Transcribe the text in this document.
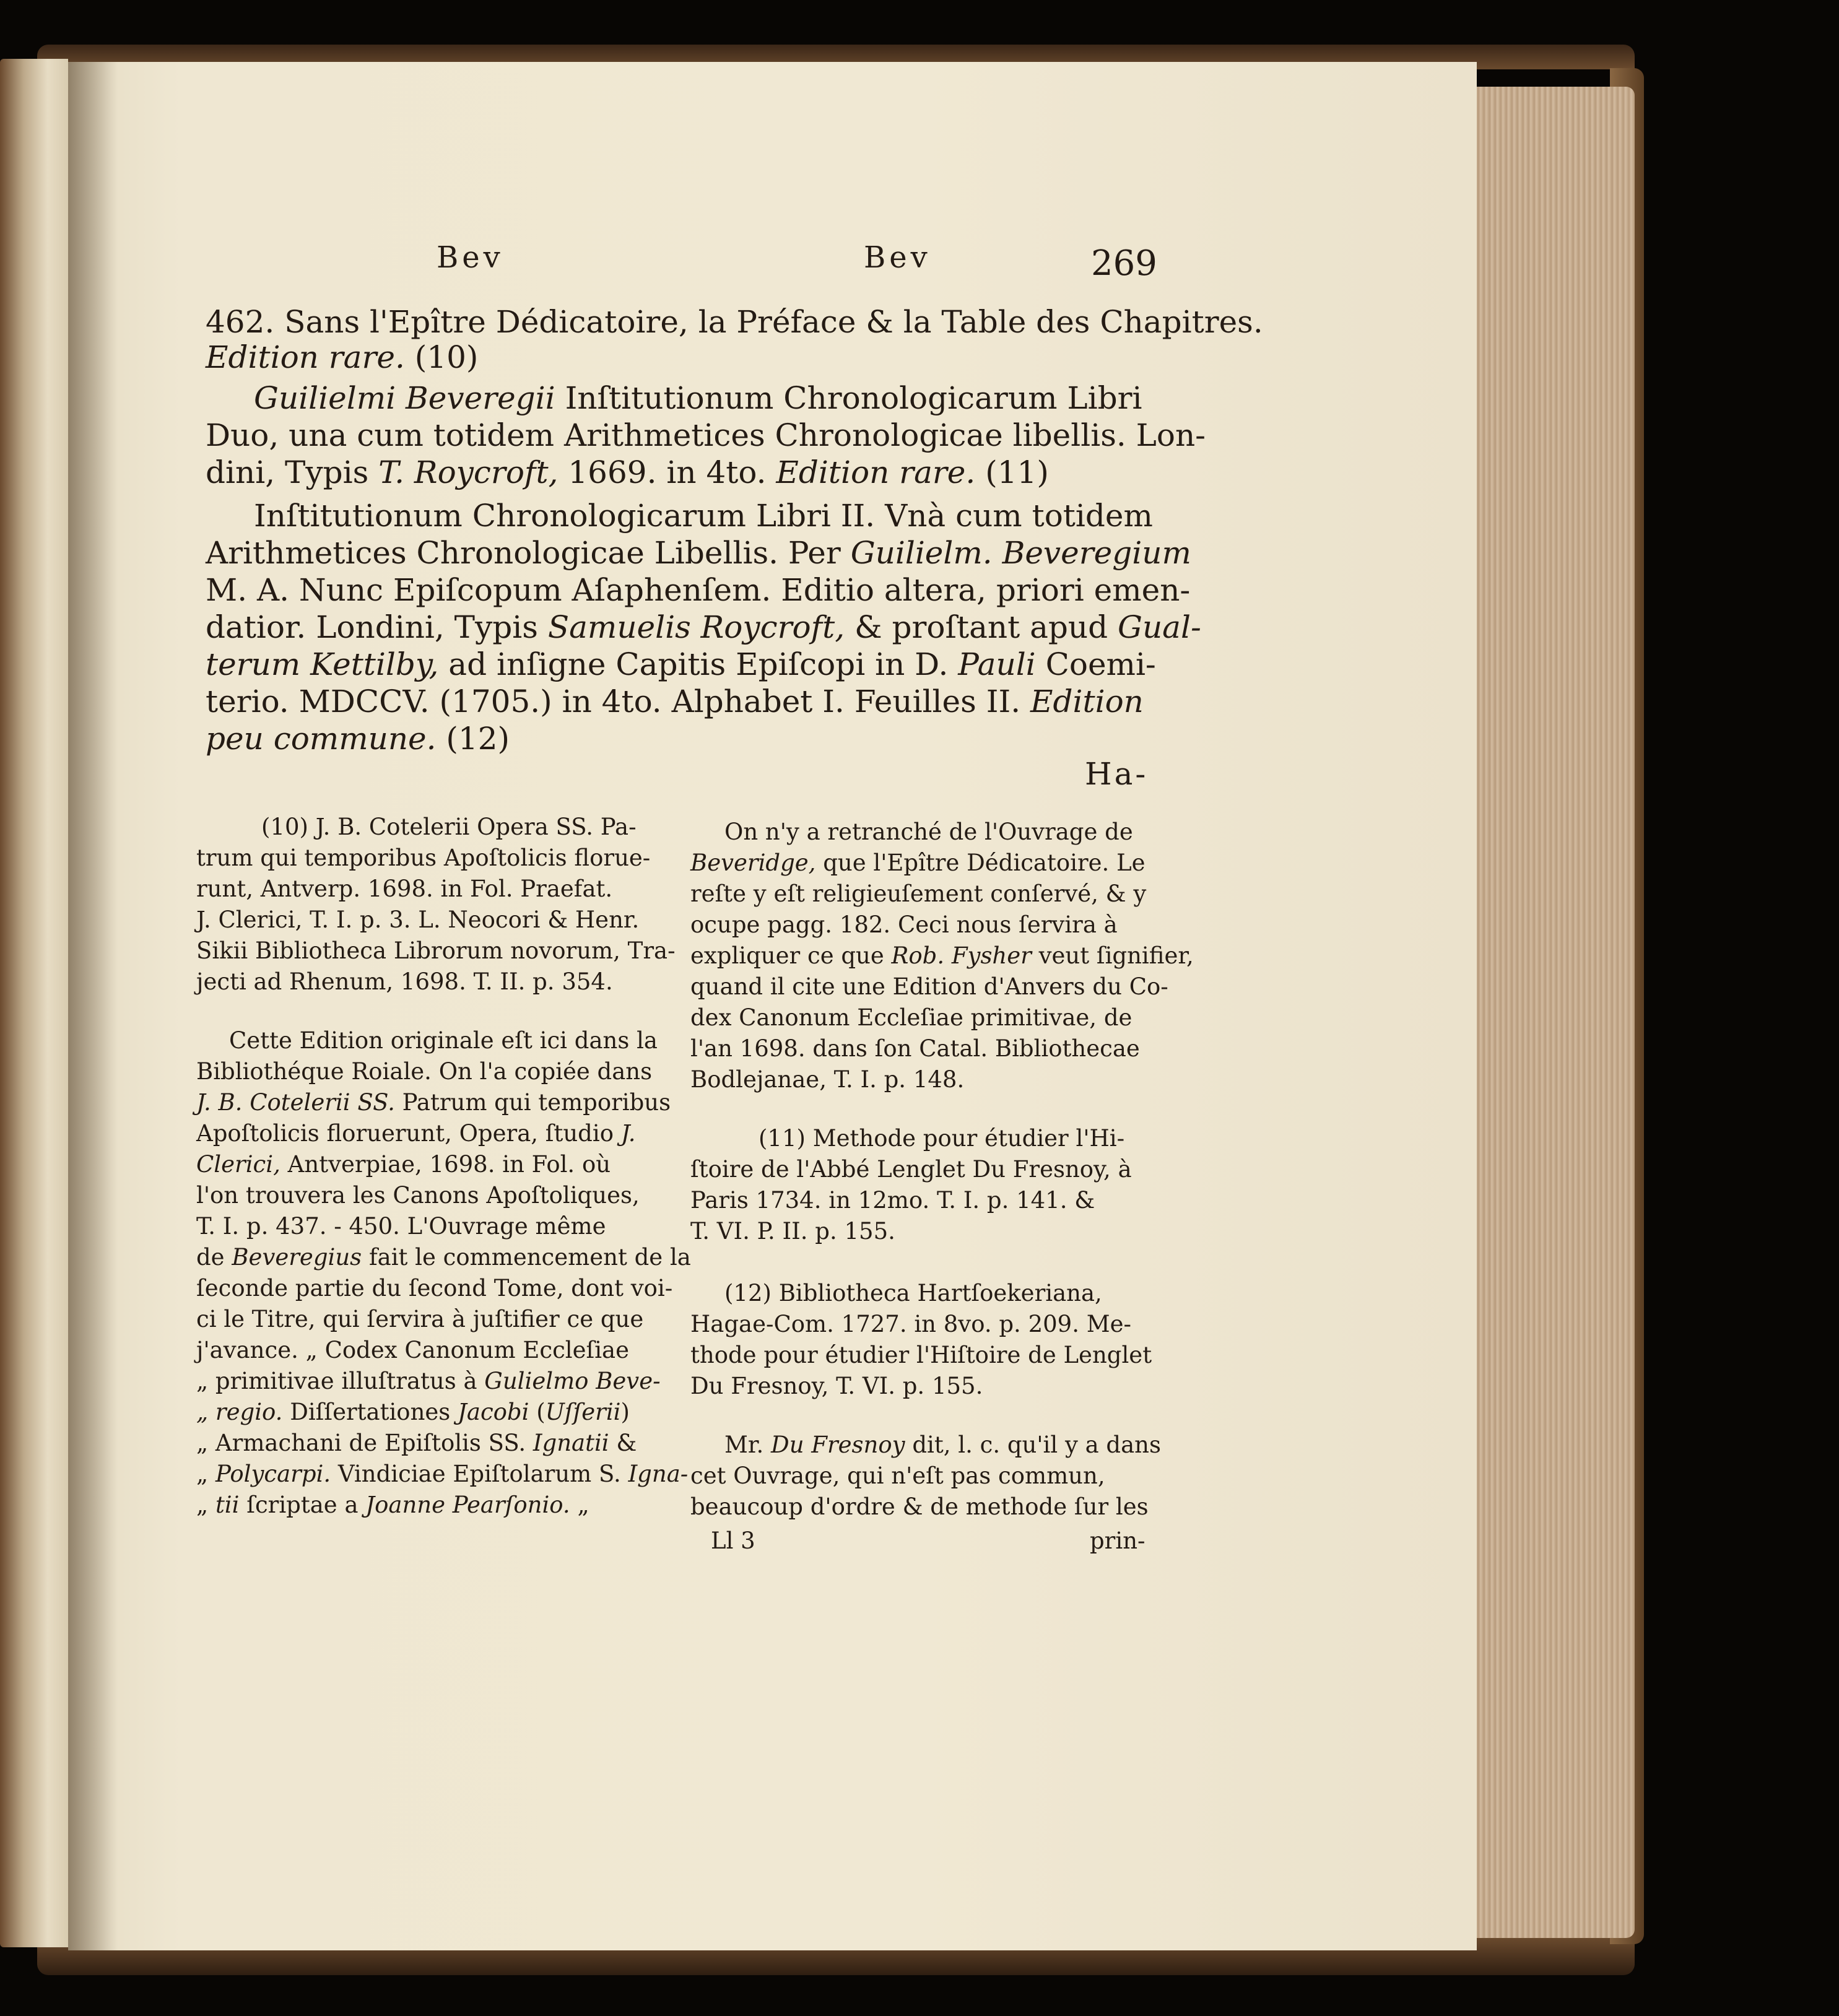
Bev	Bev	269
462. Sans l'Epître Dédicatoire, la Préface & la Table des Chapitres.
Edition rare. (10)
Guilielmi Beveregii Inſtitutionum Chronologicarum Libri
Duo, una cum totidem Arithmetices Chronologicae libellis. Lon-
dini, Typis T. Roycroft, 1669. in 4to. Edition rare. (11)
Inſtitutionum Chronologicarum Libri II. Vnà cum totidem
Arithmetices Chronologicae Libellis. Per Guilielm. Beveregium
M. A. Nunc Epiſcopum Aſaphenſem. Editio altera, priori emen-
datior. Londini, Typis Samuelis Roycroft, & proſtant apud Gual-
terum Kettilby, ad inſigne Capitis Epiſcopi in D. Pauli Coemi-
terio. MDCCV. (1705.) in 4to. Alphabet I. Feuilles II. Edition
peu commune. (12)
Ha-
(10) J. B. Cotelerii Opera SS. Pa-
trum qui temporibus Apoſtolicis florue-
runt, Antverp. 1698. in Fol. Praefat.
J. Clerici, T. I. p. 3. L. Neocori & Henr.
Sikii Bibliotheca Librorum novorum, Tra-
jecti ad Rhenum, 1698. T. II. p. 354.
Cette Edition originale eſt ici dans la
Bibliothéque Roiale. On l'a copiée dans
J. B. Cotelerii SS. Patrum qui temporibus
Apoſtolicis floruerunt, Opera, ſtudio J.
Clerici, Antverpiae, 1698. in Fol. où
l'on trouvera les Canons Apoſtoliques,
T. I. p. 437. - 450. L'Ouvrage même
de Beveregius fait le commencement de la
ſeconde partie du ſecond Tome, dont voi-
ci le Titre, qui ſervira à juſtifier ce que
j'avance. „ Codex Canonum Eccleſiae
„ primitivae illuſtratus à Gulielmo Beve-
„ regio. Diſſertationes Jacobi (Uſſerii)
„ Armachani de Epiſtolis SS. Ignatii &
„ Polycarpi. Vindiciae Epiſtolarum S. Igna-
„ tii ſcriptae a Joanne Pearſonio. „
On n'y a retranché de l'Ouvrage de
Beveridge, que l'Epître Dédicatoire. Le
reſte y eſt religieuſement conſervé, & y
ocupe pagg. 182. Ceci nous ſervira à
expliquer ce que Rob. Fysher veut ſignifier,
quand il cite une Edition d'Anvers du Co-
dex Canonum Eccleſiae primitivae, de
l'an 1698. dans ſon Catal. Bibliothecae
Bodlejanae, T. I. p. 148.
(11) Methode pour étudier l'Hi-
ſtoire de l'Abbé Lenglet Du Fresnoy, à
Paris 1734. in 12mo. T. I. p. 141. &
T. VI. P. II. p. 155.
(12) Bibliotheca Hartſoekeriana,
Hagae-Com. 1727. in 8vo. p. 209. Me-
thode pour étudier l'Hiſtoire de Lenglet
Du Fresnoy, T. VI. p. 155.
Mr. Du Fresnoy dit, l. c. qu'il y a dans
cet Ouvrage, qui n'eſt pas commun,
beaucoup d'ordre & de methode ſur les
Ll 3	prin-
